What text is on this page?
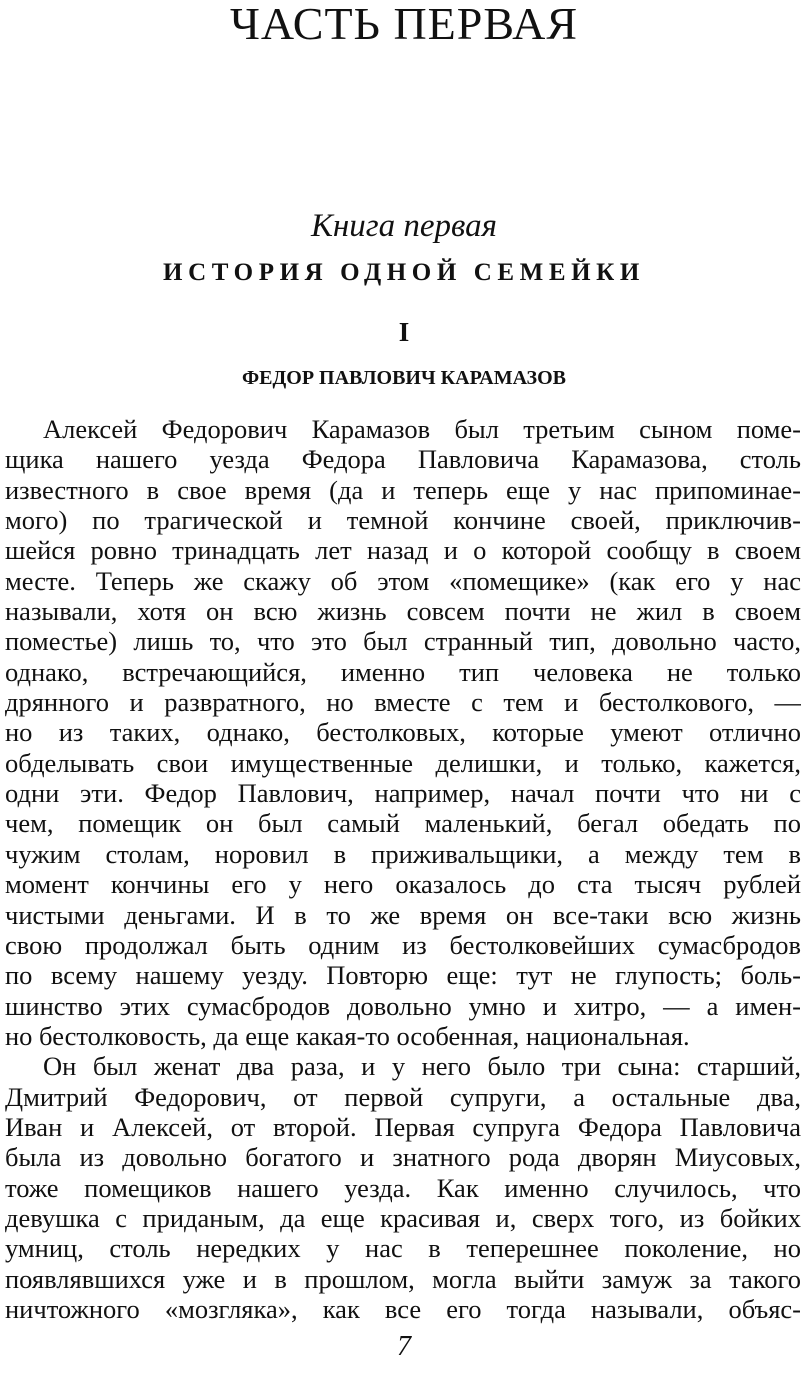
ЧАСТЬ ПЕРВАЯ
Книга первая
ИСТОРИЯ ОДНОЙ СЕМЕЙКИ
I
ФЕДОР ПАВЛОВИЧ КАРАМАЗОВ
Алексей Федорович Карамазов был третьим сыном поме-
щика нашего уезда Федора Павловича Карамазова, столь
известного в свое время (да и теперь еще у нас припоминае-
мого) по трагической и темной кончине своей, приключив-
шейся ровно тринадцать лет назад и о которой сообщу в своем
месте. Теперь же скажу об этом «помещике» (как его у нас
называли, хотя он всю жизнь совсем почти не жил в своем
поместье) лишь то, что это был странный тип, довольно часто,
однако, встречающийся, именно тип человека не только
дрянного и развратного, но вместе с тем и бестолкового, —
но из таких, однако, бестолковых, которые умеют отлично
обделывать свои имущественные делишки, и только, кажется,
одни эти. Федор Павлович, например, начал почти что ни с
чем, помещик он был самый маленький, бегал обедать по
чужим столам, норовил в приживальщики, а между тем в
момент кончины его у него оказалось до ста тысяч рублей
чистыми деньгами. И в то же время он все-таки всю жизнь
свою продолжал быть одним из бестолковейших сумасбродов
по всему нашему уезду. Повторю еще: тут не глупость; боль-
шинство этих сумасбродов довольно умно и хитро, — а имен-
но бестолковость, да еще какая-то особенная, национальная.
Он был женат два раза, и у него было три сына: старший,
Дмитрий Федорович, от первой супруги, а остальные два,
Иван и Алексей, от второй. Первая супруга Федора Павловича
была из довольно богатого и знатного рода дворян Миусовых,
тоже помещиков нашего уезда. Как именно случилось, что
девушка с приданым, да еще красивая и, сверх того, из бойких
умниц, столь нередких у нас в теперешнее поколение, но
появлявшихся уже и в прошлом, могла выйти замуж за такого
ничтожного «мозгляка», как все его тогда называли, объяс-
7
